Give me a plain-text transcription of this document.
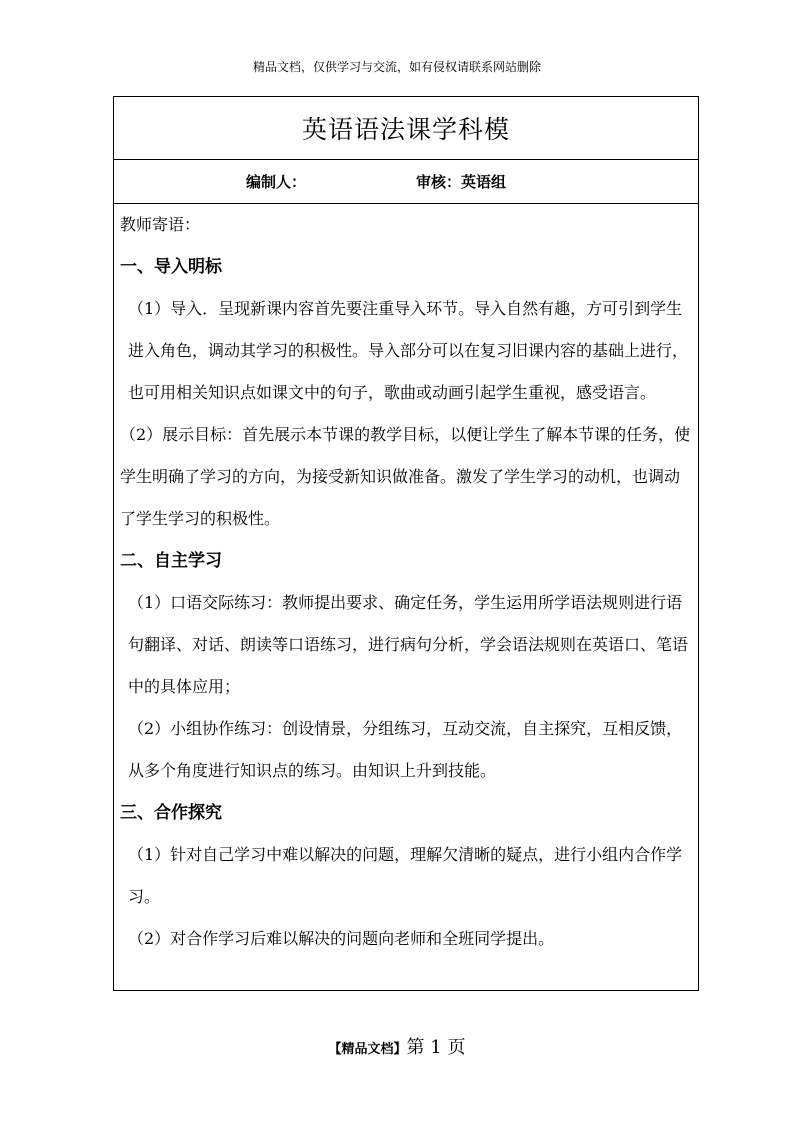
精品文档，仅供学习与交流，如有侵权请联系网站删除
英语语法课学科模
编制人：	审核：英语组
教师寄语：
一、导入明标
（1）导入．呈现新课内容首先要注重导入环节。导入自然有趣，方可引到学生进入角色，调动其学习的积极性。导入部分可以在复习旧课内容的基础上进行，也可用相关知识点如课文中的句子，歌曲或动画引起学生重视，感受语言。
（2）展示目标：首先展示本节课的教学目标，以便让学生了解本节课的任务，使学生明确了学习的方向，为接受新知识做准备。激发了学生学习的动机，也调动了学生学习的积极性。
二、自主学习
（1）口语交际练习：教师提出要求、确定任务，学生运用所学语法规则进行语句翻译、对话、朗读等口语练习，进行病句分析，学会语法规则在英语口、笔语中的具体应用；
（2）小组协作练习：创设情景，分组练习，互动交流，自主探究，互相反馈，从多个角度进行知识点的练习。由知识上升到技能。
三、合作探究
（1）针对自己学习中难以解决的问题，理解欠清晰的疑点，进行小组内合作学习。
（2）对合作学习后难以解决的问题向老师和全班同学提出。
【精品文档】第 1 页
